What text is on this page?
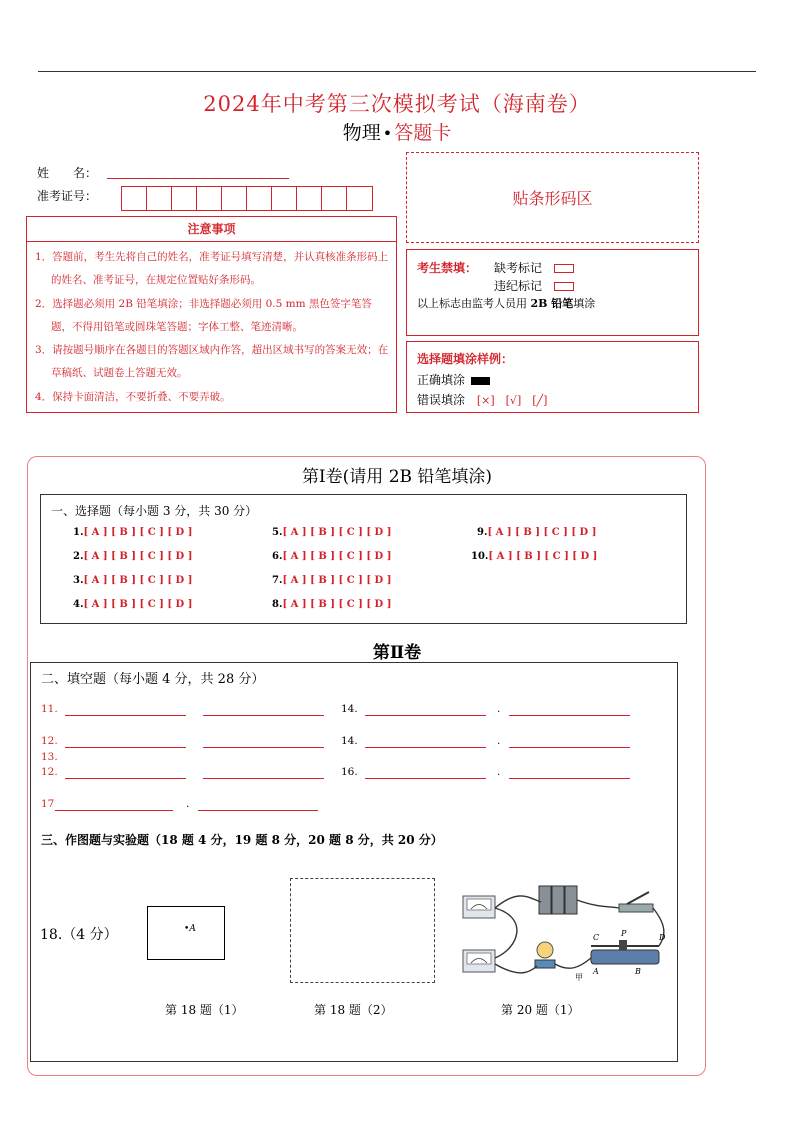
2024年中考第三次模拟考试（海南卷）
物理 • 答题卡
姓　　名：
准考证号：
注意事项
1．答题前，考生先将自己的姓名，准考证号填写清楚，并认真核准条形码上的姓名、准考证号，在规定位置贴好条形码。
2．选择题必须用 2B 铅笔填涂；非选择题必须用 0.5 mm 黑色签字笔答题，不得用铅笔或圆珠笔答题；字体工整、笔迹清晰。
3．请按题号顺序在各题目的答题区域内作答，超出区域书写的答案无效；在草稿纸、试题卷上答题无效。
4．保持卡面清洁，不要折叠、不要弄破。
贴条形码区
考生禁填： 缺考标记
违纪标记
以上标志由监考人员用 2B 铅笔填涂
选择题填涂样例：
正确填涂
错误填涂 [×]　[√]　[╱]
第Ⅰ卷(请用 2B 铅笔填涂)
一、选择题（每小题 3 分，共 30 分）
1.[ A ] [ B ] [ C ] [ D ]
2.[ A ] [ B ] [ C ] [ D ]
3.[ A ] [ B ] [ C ] [ D ]
4.[ A ] [ B ] [ C ] [ D ]
5.[ A ] [ B ] [ C ] [ D ]
6.[ A ] [ B ] [ C ] [ D ]
7.[ A ] [ B ] [ C ] [ D ]
8.[ A ] [ B ] [ C ] [ D ]
9.[ A ] [ B ] [ C ] [ D ]
10.[ A ] [ B ] [ C ] [ D ]
第Ⅱ卷
二、填空题（每小题 4 分，共 28 分）
11.	14.	.
12.	14.	.
13.
12.	16.	.
17	.
三、作图题与实验题（18 题 4 分，19 题 8 分，20 题 8 分，共 20 分）
18.（4 分）	•A
C	P	D
A	B
甲
第 18 题（1）	第 18 题（2）	第 20 题（1）
